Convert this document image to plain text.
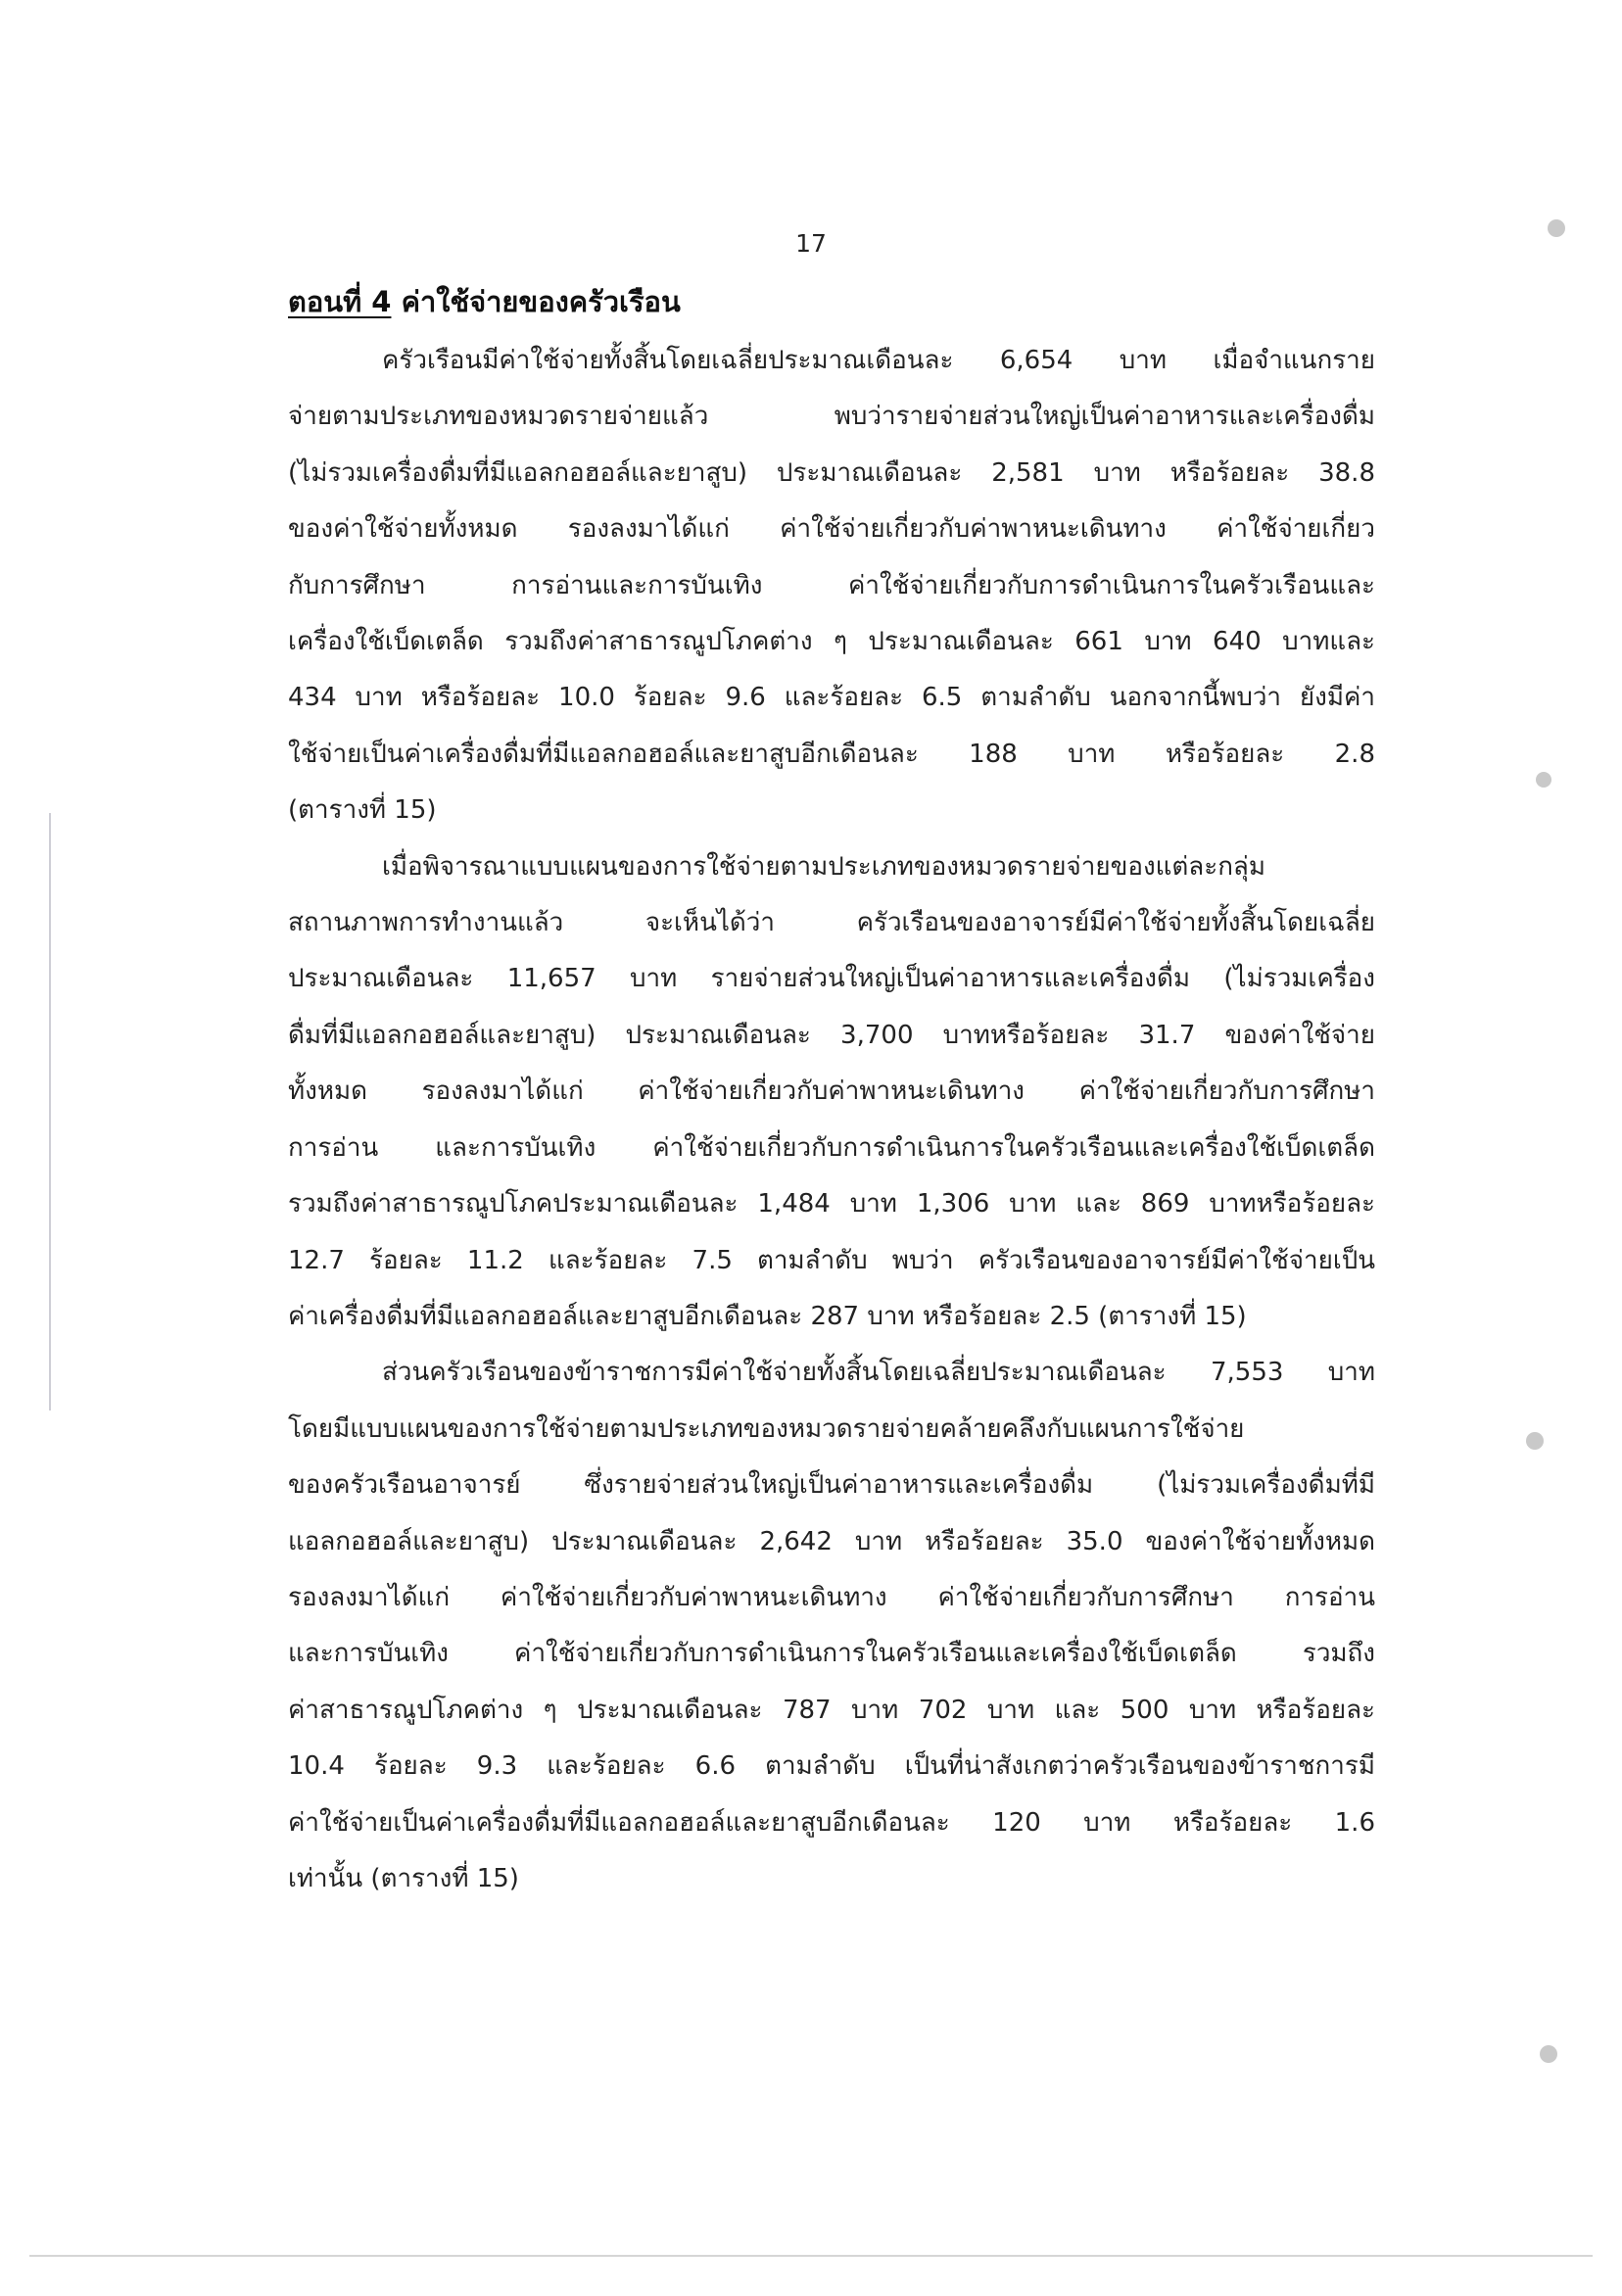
17
ตอนที่ 4 ค่าใช้จ่ายของครัวเรือน

ครัวเรือนมีค่าใช้จ่ายทั้งสิ้นโดยเฉลี่ยประมาณเดือนละ 6,654 บาท เมื่อจำแนกราย

จ่ายตามประเภทของหมวดรายจ่ายแล้ว พบว่ารายจ่ายส่วนใหญ่เป็นค่าอาหารและเครื่องดื่ม

(ไม่รวมเครื่องดื่มที่มีแอลกอฮอล์และยาสูบ) ประมาณเดือนละ 2,581 บาท หรือร้อยละ 38.8

ของค่าใช้จ่ายทั้งหมด รองลงมาได้แก่ ค่าใช้จ่ายเกี่ยวกับค่าพาหนะเดินทาง ค่าใช้จ่ายเกี่ยว

กับการศึกษา การอ่านและการบันเทิง ค่าใช้จ่ายเกี่ยวกับการดำเนินการในครัวเรือนและ

เครื่องใช้เบ็ดเตล็ด รวมถึงค่าสาธารณูปโภคต่าง ๆ ประมาณเดือนละ 661 บาท 640 บาทและ

434 บาท หรือร้อยละ 10.0 ร้อยละ 9.6 และร้อยละ 6.5 ตามลำดับ นอกจากนี้พบว่า ยังมีค่า

ใช้จ่ายเป็นค่าเครื่องดื่มที่มีแอลกอฮอล์และยาสูบอีกเดือนละ 188 บาท หรือร้อยละ 2.8

(ตารางที่ 15)

เมื่อพิจารณาแบบแผนของการใช้จ่ายตามประเภทของหมวดรายจ่ายของแต่ละกลุ่ม

สถานภาพการทำงานแล้ว จะเห็นได้ว่า ครัวเรือนของอาจารย์มีค่าใช้จ่ายทั้งสิ้นโดยเฉลี่ย

ประมาณเดือนละ 11,657 บาท รายจ่ายส่วนใหญ่เป็นค่าอาหารและเครื่องดื่ม (ไม่รวมเครื่อง

ดื่มที่มีแอลกอฮอล์และยาสูบ) ประมาณเดือนละ 3,700 บาทหรือร้อยละ 31.7 ของค่าใช้จ่าย

ทั้งหมด รองลงมาได้แก่ ค่าใช้จ่ายเกี่ยวกับค่าพาหนะเดินทาง ค่าใช้จ่ายเกี่ยวกับการศึกษา

การอ่าน และการบันเทิง ค่าใช้จ่ายเกี่ยวกับการดำเนินการในครัวเรือนและเครื่องใช้เบ็ดเตล็ด

รวมถึงค่าสาธารณูปโภคประมาณเดือนละ 1,484 บาท 1,306 บาท และ 869 บาทหรือร้อยละ

12.7 ร้อยละ 11.2 และร้อยละ 7.5 ตามลำดับ พบว่า ครัวเรือนของอาจารย์มีค่าใช้จ่ายเป็น

ค่าเครื่องดื่มที่มีแอลกอฮอล์และยาสูบอีกเดือนละ 287 บาท หรือร้อยละ 2.5 (ตารางที่ 15)

ส่วนครัวเรือนของข้าราชการมีค่าใช้จ่ายทั้งสิ้นโดยเฉลี่ยประมาณเดือนละ 7,553 บาท

โดยมีแบบแผนของการใช้จ่ายตามประเภทของหมวดรายจ่ายคล้ายคลึงกับแผนการใช้จ่าย

ของครัวเรือนอาจารย์ ซึ่งรายจ่ายส่วนใหญ่เป็นค่าอาหารและเครื่องดื่ม (ไม่รวมเครื่องดื่มที่มี

แอลกอฮอล์และยาสูบ) ประมาณเดือนละ 2,642 บาท หรือร้อยละ 35.0 ของค่าใช้จ่ายทั้งหมด

รองลงมาได้แก่ ค่าใช้จ่ายเกี่ยวกับค่าพาหนะเดินทาง ค่าใช้จ่ายเกี่ยวกับการศึกษา การอ่าน

และการบันเทิง ค่าใช้จ่ายเกี่ยวกับการดำเนินการในครัวเรือนและเครื่องใช้เบ็ดเตล็ด รวมถึง

ค่าสาธารณูปโภคต่าง ๆ ประมาณเดือนละ 787 บาท 702 บาท และ 500 บาท หรือร้อยละ

10.4 ร้อยละ 9.3 และร้อยละ 6.6 ตามลำดับ เป็นที่น่าสังเกตว่าครัวเรือนของข้าราชการมี

ค่าใช้จ่ายเป็นค่าเครื่องดื่มที่มีแอลกอฮอล์และยาสูบอีกเดือนละ 120 บาท หรือร้อยละ 1.6

เท่านั้น (ตารางที่ 15)
